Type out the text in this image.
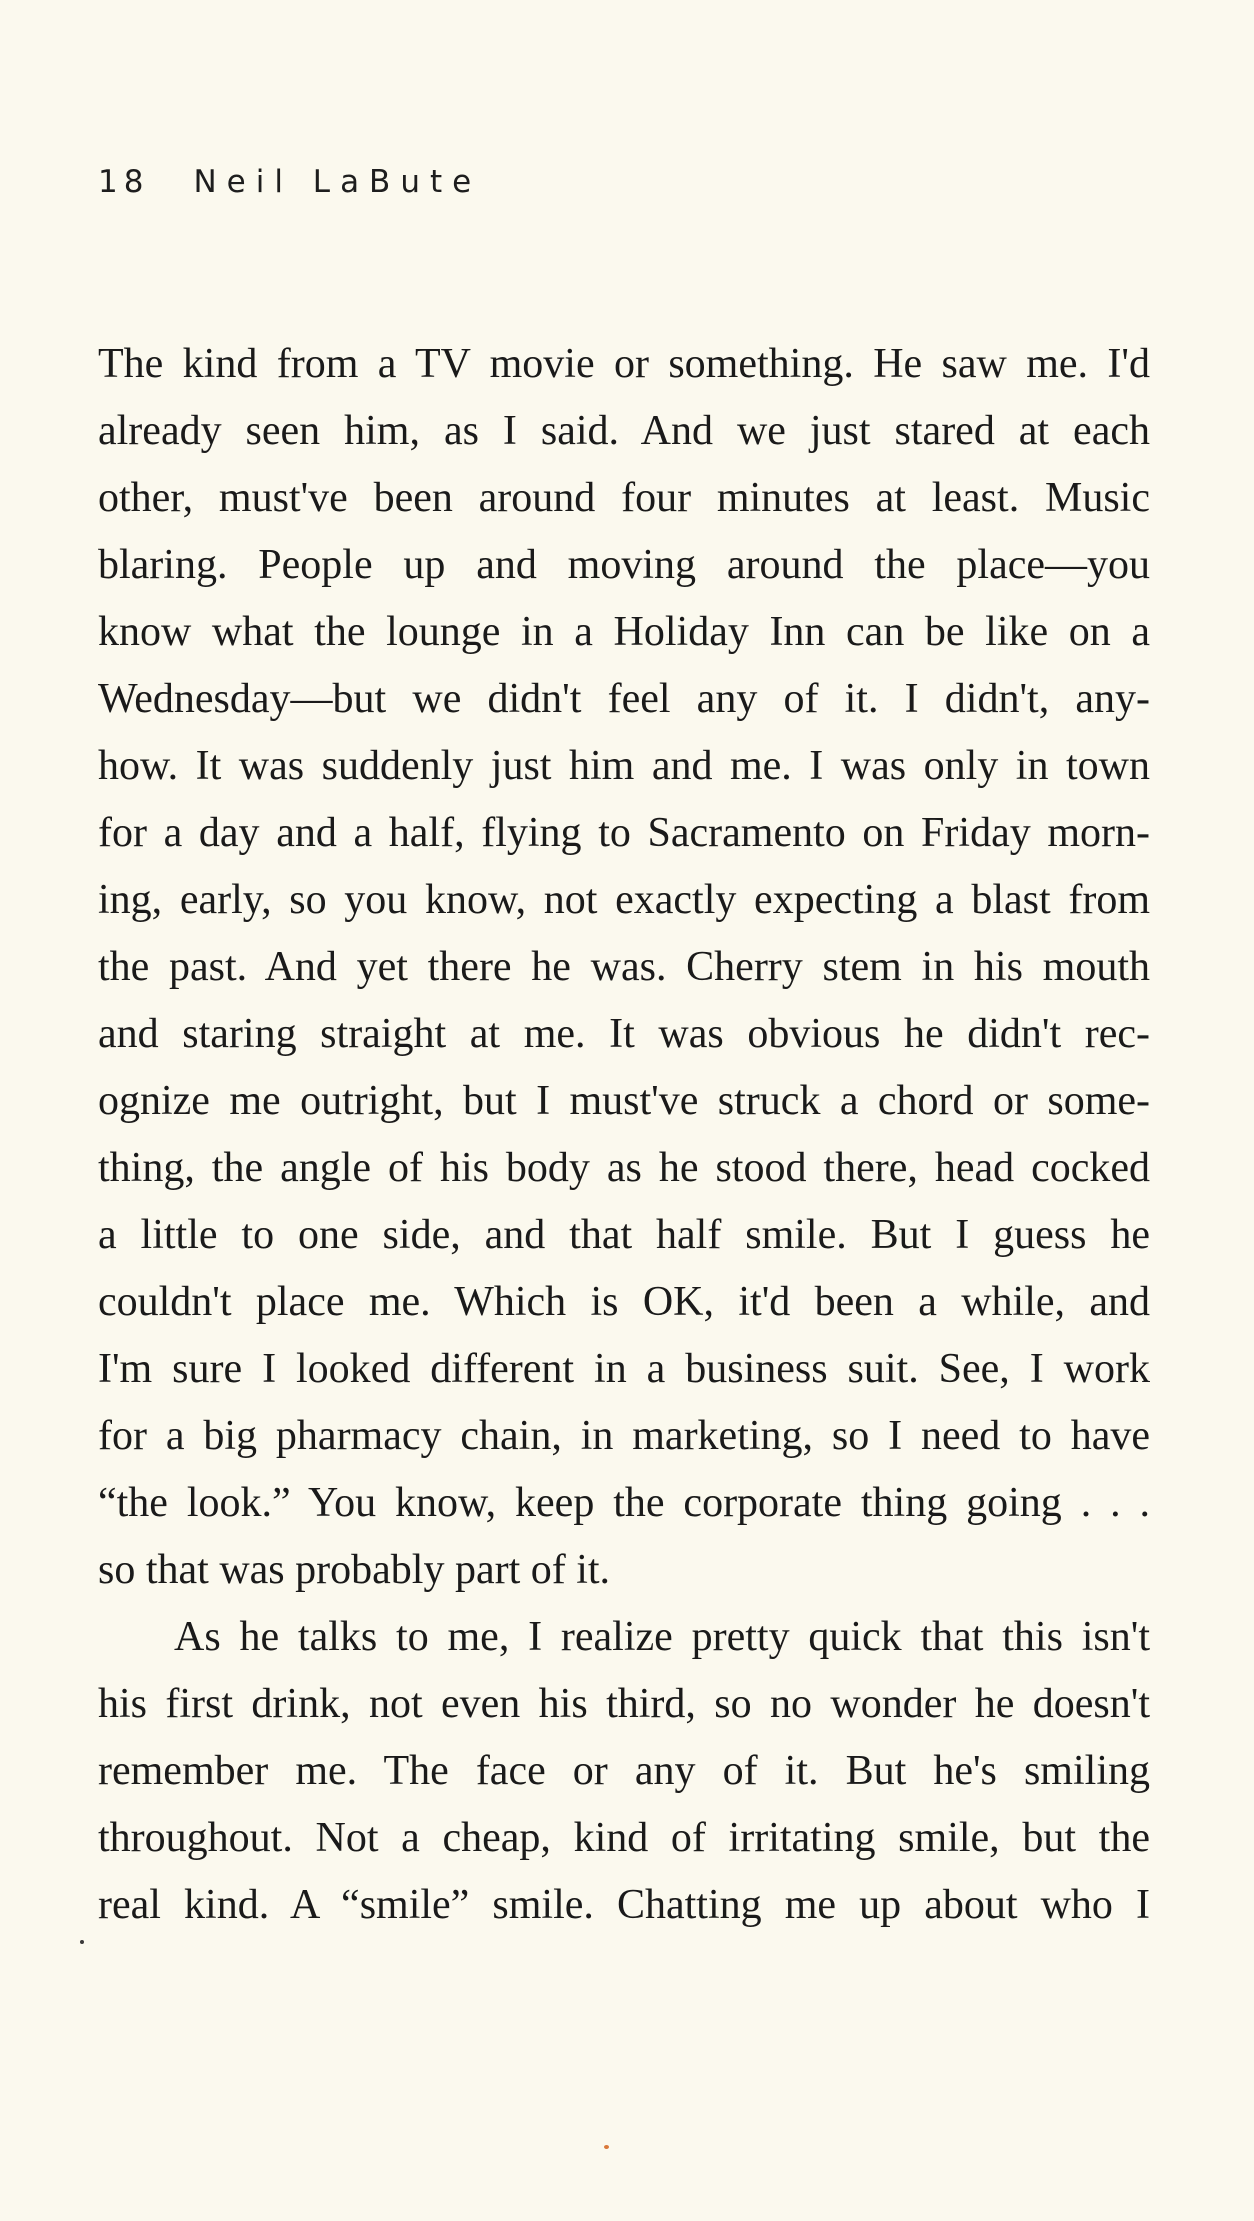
18 Neil LaBute
The kind from a TV movie or something. He saw me. I'd
already seen him, as I said. And we just stared at each
other, must've been around four minutes at least. Music
blaring. People up and moving around the place—you
know what the lounge in a Holiday Inn can be like on a
Wednesday—but we didn't feel any of it. I didn't, any-
how. It was suddenly just him and me. I was only in town
for a day and a half, flying to Sacramento on Friday morn-
ing, early, so you know, not exactly expecting a blast from
the past. And yet there he was. Cherry stem in his mouth
and staring straight at me. It was obvious he didn't rec-
ognize me outright, but I must've struck a chord or some-
thing, the angle of his body as he stood there, head cocked
a little to one side, and that half smile. But I guess he
couldn't place me. Which is OK, it'd been a while, and
I'm sure I looked different in a business suit. See, I work
for a big pharmacy chain, in marketing, so I need to have
“the look.” You know, keep the corporate thing going . . .
so that was probably part of it.
As he talks to me, I realize pretty quick that this isn't
his first drink, not even his third, so no wonder he doesn't
remember me. The face or any of it. But he's smiling
throughout. Not a cheap, kind of irritating smile, but the
real kind. A “smile” smile. Chatting me up about who I
